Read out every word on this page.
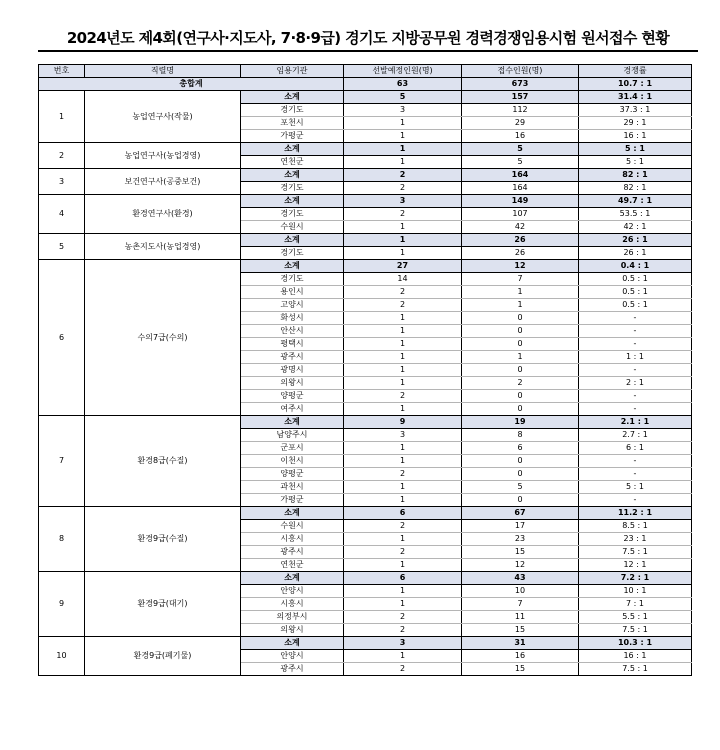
2024년도 제4회(연구사·지도사, 7·8·9급) 경기도 지방공무원 경력경쟁임용시험 원서접수 현황
번호	직렬명	임용기관	선발예정인원(명)	접수인원(명)	경쟁률
총합계			63	673	10.7 : 1
1	농업연구사(작물)	소계	5	157	31.4 : 1
		경기도	3	112	37.3 : 1
		포천시	1	29	29 : 1
		가평군	1	16	16 : 1
2	농업연구사(농업경영)	소계	1	5	5 : 1
		연천군	1	5	5 : 1
3	보건연구사(공중보건)	소계	2	164	82 : 1
		경기도	2	164	82 : 1
4	환경연구사(환경)	소계	3	149	49.7 : 1
		경기도	2	107	53.5 : 1
		수원시	1	42	42 : 1
5	농촌지도사(농업경영)	소계	1	26	26 : 1
		경기도	1	26	26 : 1
6	수의7급(수의)	소계	27	12	0.4 : 1
		경기도	14	7	0.5 : 1
		용인시	2	1	0.5 : 1
		고양시	2	1	0.5 : 1
		화성시	1	0	-
		안산시	1	0	-
		평택시	1	0	-
		광주시	1	1	1 : 1
		광명시	1	0	-
		의왕시	1	2	2 : 1
		양평군	2	0	-
		여주시	1	0	-
7	환경8급(수질)	소계	9	19	2.1 : 1
		남양주시	3	8	2.7 : 1
		군포시	1	6	6 : 1
		이천시	1	0	-
		양평군	2	0	-
		과천시	1	5	5 : 1
		가평군	1	0	-
8	환경9급(수질)	소계	6	67	11.2 : 1
		수원시	2	17	8.5 : 1
		시흥시	1	23	23 : 1
		광주시	2	15	7.5 : 1
		연천군	1	12	12 : 1
9	환경9급(대기)	소계	6	43	7.2 : 1
		안양시	1	10	10 : 1
		시흥시	1	7	7 : 1
		의정부시	2	11	5.5 : 1
		의왕시	2	15	7.5 : 1
10	환경9급(폐기물)	소계	3	31	10.3 : 1
		안양시	1	16	16 : 1
		광주시	2	15	7.5 : 1
